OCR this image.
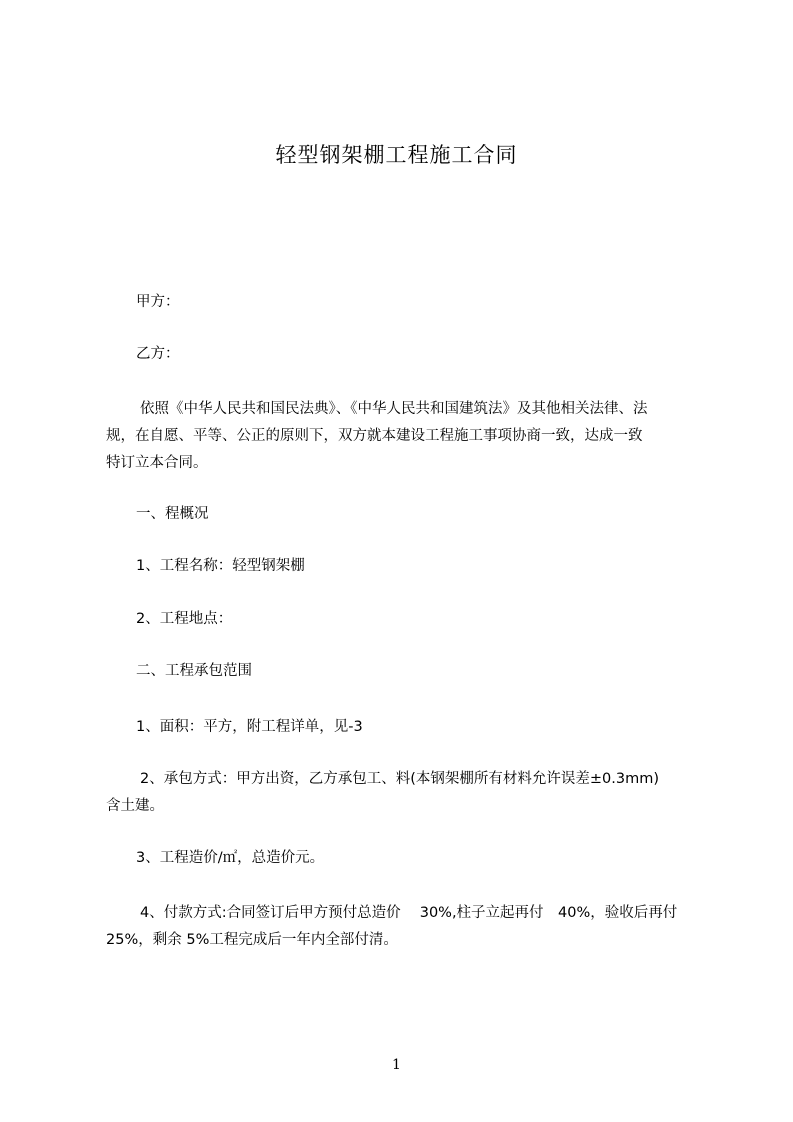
轻型钢架棚工程施工合同
甲方：
乙方：
依照《中华人民共和国民法典》、《中华人民共和国建筑法》及其他相关法律、法
规，在自愿、平等、公正的原则下，双方就本建设工程施工事项协商一致，达成一致
特订立本合同。
一、程概况
1、工程名称：轻型钢架棚
2、工程地点：
二、工程承包范围
1、面积：平方，附工程详单，见-3
2、承包方式：甲方出资，乙方承包工、料(本钢架棚所有材料允许误差±0.3mm)
含土建。
3、工程造价/㎡，总造价元。
4、付款方式:合同签订后甲方预付总造价　 30%,柱子立起再付　40%，验收后再付
25%，剩余 5%工程完成后一年内全部付清。
1
